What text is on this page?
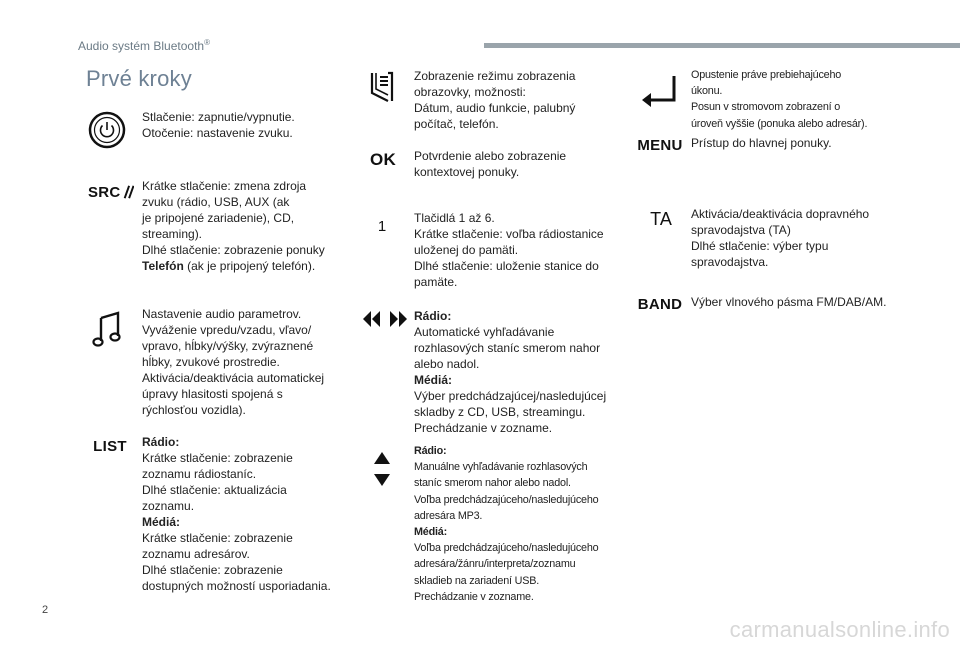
Audio systém Bluetooth®
Prvé kroky
Stlačenie: zapnutie/vypnutie.
Otočenie: nastavenie zvuku.
SRC Krátke stlačenie: zmena zdroja
zvuku (rádio, USB, AUX (ak
je pripojené zariadenie), CD,
streaming).
Dlhé stlačenie: zobrazenie ponuky
Telefón (ak je pripojený telefón).
Nastavenie audio parametrov.
Vyváženie vpredu/vzadu, vľavo/
vpravo, hĺbky/výšky, zvýraznené
hĺbky, zvukové prostredie.
Aktivácia/deaktivácia automatickej
úpravy hlasitosti spojená s
rýchlosťou vozidla).
LIST Rádio:
Krátke stlačenie: zobrazenie
zoznamu rádiostaníc.
Dlhé stlačenie: aktualizácia
zoznamu.
Médiá:
Krátke stlačenie: zobrazenie
zoznamu adresárov.
Dlhé stlačenie: zobrazenie
dostupných možností usporiadania.
Zobrazenie režimu zobrazenia
obrazovky, možnosti:
Dátum, audio funkcie, palubný
počítač, telefón.
OK Potvrdenie alebo zobrazenie
kontextovej ponuky.
1 Tlačidlá 1 až 6.
Krátke stlačenie: voľba rádiostanice
uloženej do pamäti.
Dlhé stlačenie: uloženie stanice do
pamäte.
Rádio:
Automatické vyhľadávanie
rozhlasových staníc smerom nahor
alebo nadol.
Médiá:
Výber predchádzajúcej/nasledujúcej
skladby z CD, USB, streamingu.
Prechádzanie v zozname.
Rádio:
Manuálne vyhľadávanie rozhlasových
staníc smerom nahor alebo nadol.
Voľba predchádzajúceho/nasledujúceho
adresára MP3.
Médiá:
Voľba predchádzajúceho/nasledujúceho
adresára/žánru/interpreta/zoznamu
skladieb na zariadení USB.
Prechádzanie v zozname.
Opustenie práve prebiehajúceho
úkonu.
Posun v stromovom zobrazení o
úroveň vyššie (ponuka alebo adresár).
MENU Prístup do hlavnej ponuky.
TA Aktivácia/deaktivácia dopravného
spravodajstva (TA)
Dlhé stlačenie: výber typu
spravodajstva.
BAND Výber vlnového pásma FM/DAB/AM.
2
carmanualsonline.info
